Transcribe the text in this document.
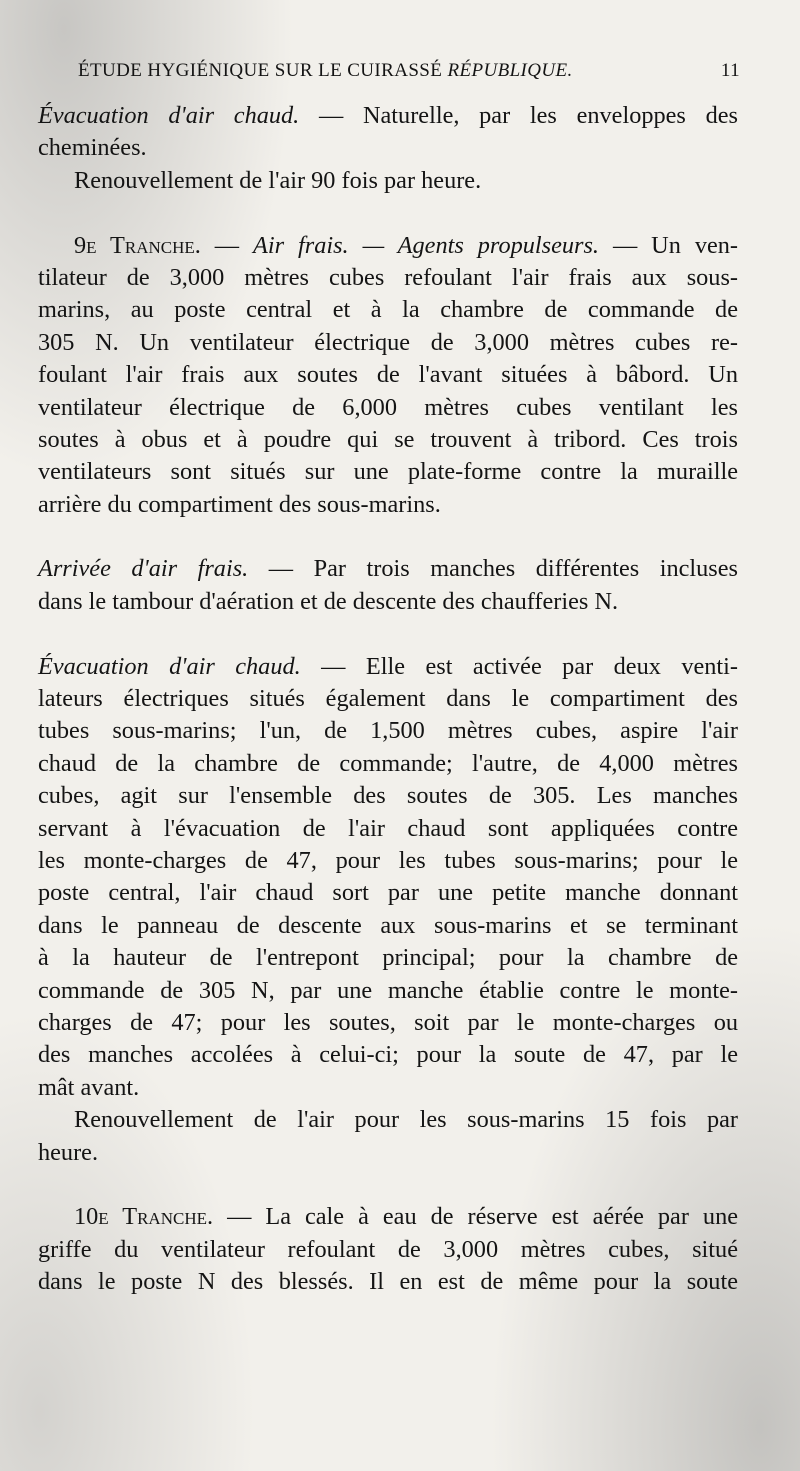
ÉTUDE HYGIÉNIQUE SUR LE CUIRASSÉ RÉPUBLIQUE.	11
Évacuation d'air chaud. — Naturelle, par les enveloppes des
cheminées.
Renouvellement de l'air 90 fois par heure.
9e Tranche. — Air frais. — Agents propulseurs. — Un ven-
tilateur de 3,000 mètres cubes refoulant l'air frais aux sous-
marins, au poste central et à la chambre de commande de
305 N. Un ventilateur électrique de 3,000 mètres cubes re-
foulant l'air frais aux soutes de l'avant situées à bâbord. Un
ventilateur électrique de 6,000 mètres cubes ventilant les
soutes à obus et à poudre qui se trouvent à tribord. Ces trois
ventilateurs sont situés sur une plate-forme contre la muraille
arrière du compartiment des sous-marins.
Arrivée d'air frais. — Par trois manches différentes incluses
dans le tambour d'aération et de descente des chaufferies N.
Évacuation d'air chaud. — Elle est activée par deux venti-
lateurs électriques situés également dans le compartiment des
tubes sous-marins; l'un, de 1,500 mètres cubes, aspire l'air
chaud de la chambre de commande; l'autre, de 4,000 mètres
cubes, agit sur l'ensemble des soutes de 305. Les manches
servant à l'évacuation de l'air chaud sont appliquées contre
les monte-charges de 47, pour les tubes sous-marins; pour le
poste central, l'air chaud sort par une petite manche donnant
dans le panneau de descente aux sous-marins et se terminant
à la hauteur de l'entrepont principal; pour la chambre de
commande de 305 N, par une manche établie contre le monte-
charges de 47; pour les soutes, soit par le monte-charges ou
des manches accolées à celui-ci; pour la soute de 47, par le
mât avant.
Renouvellement de l'air pour les sous-marins 15 fois par
heure.
10e Tranche. — La cale à eau de réserve est aérée par une
griffe du ventilateur refoulant de 3,000 mètres cubes, situé
dans le poste N des blessés. Il en est de même pour la soute
